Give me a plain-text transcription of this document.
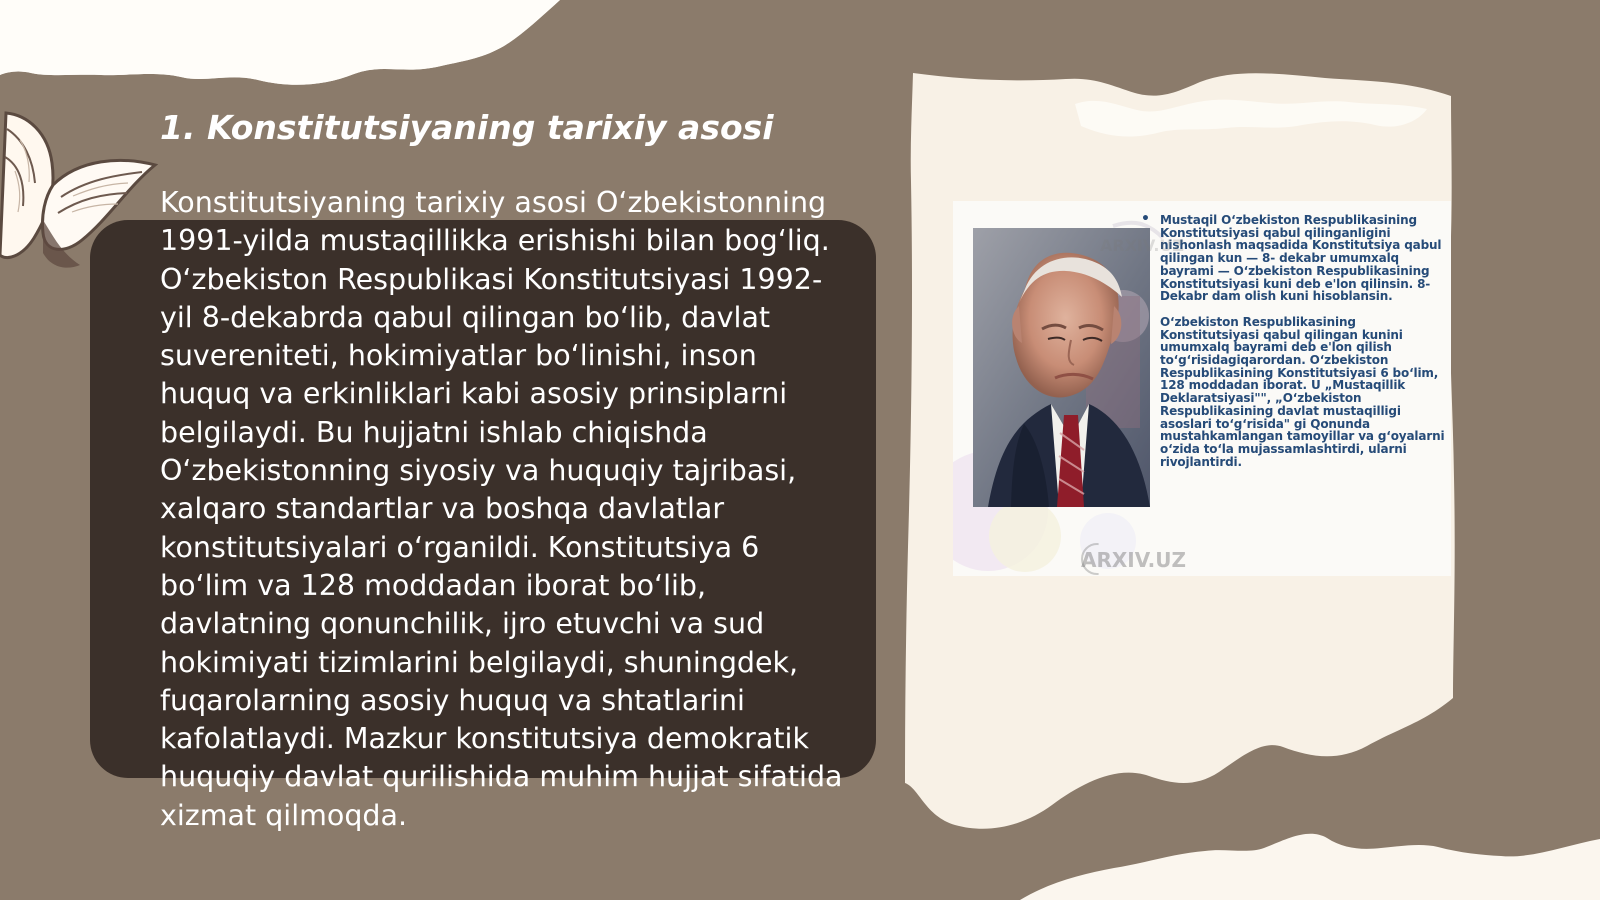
1. Konstitutsiyaning tarixiy asosi

Konstitutsiyaning tarixiy asosi O‘zbekistonning 1991-yilda mustaqillikka erishishi bilan bog‘liq. O‘zbekiston Respublikasi Konstitutsiyasi 1992-yil 8-dekabrda qabul qilingan bo‘lib, davlat suvereniteti, hokimiyatlar bo‘linishi, inson huquq va erkinliklari kabi asosiy prinsiplarni belgilaydi. Bu hujjatni ishlab chiqishda O‘zbekistonning siyosiy va huquqiy tajribasi, xalqaro standartlar va boshqa davlatlar konstitutsiyalari o‘rganildi. Konstitutsiya 6 bo‘lim va 128 moddadan iborat bo‘lib, davlatning qonunchilik, ijro etuvchi va sud hokimiyati tizimlarini belgilaydi, shuningdek, fuqarolarning asosiy huquq va shtatlarini kafolatlaydi. Mazkur konstitutsiya demokratik huquqiy davlat qurilishida muhim hujjat sifatida xizmat qilmoqda.

• Mustaqil O‘zbekiston Respublikasining Konstitutsiyasi qabul qilinganligini nishonlash maqsadida Konstitutsiya qabul qilingan kun — 8- dekabr umumxalq bayrami — O‘zbekiston Respublikasining Konstitutsiyasi kuni deb e'lon qilinsin. 8- Dekabr dam olish kuni hisoblansin.

O‘zbekiston Respublikasining Konstitutsiyasi qabul qilingan kunini umumxalq bayrami deb e'lon qilish to‘g‘risidagiqarordan. O‘zbekiston Respublikasining Konstitutsiyasi 6 bo‘lim, 128 moddadan iborat. U „Mustaqillik Deklaratsiyasi"", „O‘zbekiston Respublikasining davlat mustaqilligi asoslari to‘g‘risida" gi Qonunda mustahkamlangan tamoyillar va g‘oyalarni o‘zida to‘la mujassamlashtirdi, ularni rivojlantirdi.

ARXIV.UZ
ARXIV.UZ
